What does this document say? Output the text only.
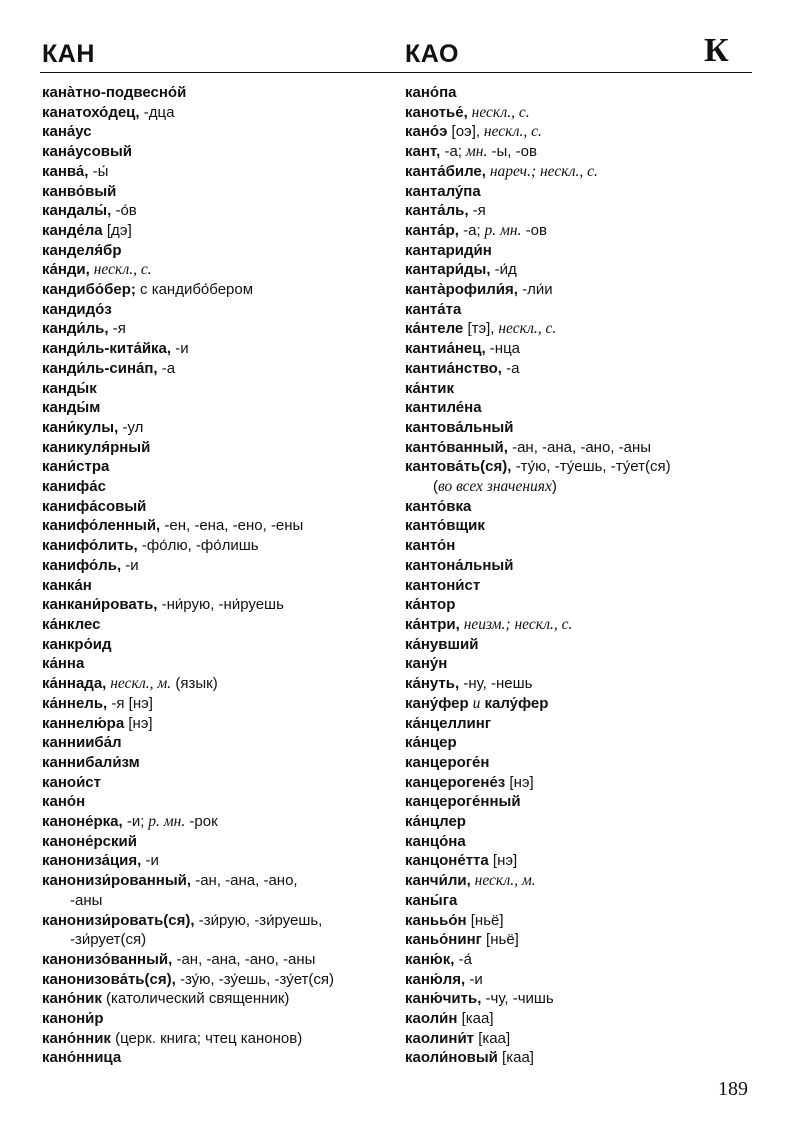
КАН	КАО	К
кана̀тно-подвесно́й
канатохо́дец, -дца
кана́ус
кана́усовый
канва́, -ы́
канво́вый
кандалы́, -о́в
канде́ла [дэ]
канделя́бр
ка́нди, нескл., с.
кандибо́бер; с кандибо́бером
кандидо́з
канди́ль, -я
канди́ль-кита́йка, -и
канди́ль-сина́п, -а
канды́к
канды́м
кани́кулы, -ул
каникуля́рный
кани́стра
канифа́с
канифа́совый
канифо́ленный, -ен, -ена, -ено, -ены
канифо́лить, -фо́лю, -фо́лишь
канифо́ль, -и
канка́н
канкани́ровать, -ни́рую, -ни́руешь
ка́нклес
канкро́ид
ка́нна
ка́ннада, нескл., м. (язык)
ка́ннель, -я [нэ]
каннелю́ра [нэ]
каннииба́л
каннибали́зм
канои́ст
кано́н
каноне́рка, -и; р. мн. -рок
каноне́рский
канониза́ция, -и
канонизи́рованный, -ан, -ана, -ано,
-аны
канонизи́ровать(ся), -зи́рую, -зи́руешь,
-зи́рует(ся)
канонизо́ванный, -ан, -ана, -ано, -аны
канонизова́ть(ся), -зу́ю, -зу́ешь, -зу́ет(ся)
кано́ник (католический священник)
канони́р
кано́нник (церк. книга; чтец канонов)
кано́нница
кано́па
канотье́, нескл., с.
кано́э [оэ], нескл., с.
кант, -а; мн. -ы, -ов
канта́биле, нареч.; нескл., с.
канталу́па
канта́ль, -я
канта́р, -а; р. мн. -ов
кантариди́н
кантари́ды, -и́д
канта̀рофили́я, -ли́и
канта́та
ка́нтеле [тэ], нескл., с.
кантиа́нец, -нца
кантиа́нство, -а
ка́нтик
кантиле́на
кантова́льный
канто́ванный, -ан, -ана, -ано, -аны
кантова́ть(ся), -ту́ю, -ту́ешь, -ту́ет(ся)
(во всех значениях)
канто́вка
канто́вщик
канто́н
кантона́льный
кантони́ст
ка́нтор
ка́нтри, неизм.; нескл., с.
ка́нувший
кану́н
ка́нуть, -ну, -нешь
кану́фер и калу́фер
ка́нцеллинг
ка́нцер
канцероге́н
канцерогене́з [нэ]
канцероге́нный
ка́нцлер
канцо́на
канцоне́тта [нэ]
канчи́ли, нескл., м.
каны́га
канььо́н [ньё]
каньо́нинг [ньё]
каню́к, -а́
каню́ля, -и
каню́чить, -чу, -чишь
каоли́н [каа]
каолини́т [каа]
каоли́новый [каа]
189
